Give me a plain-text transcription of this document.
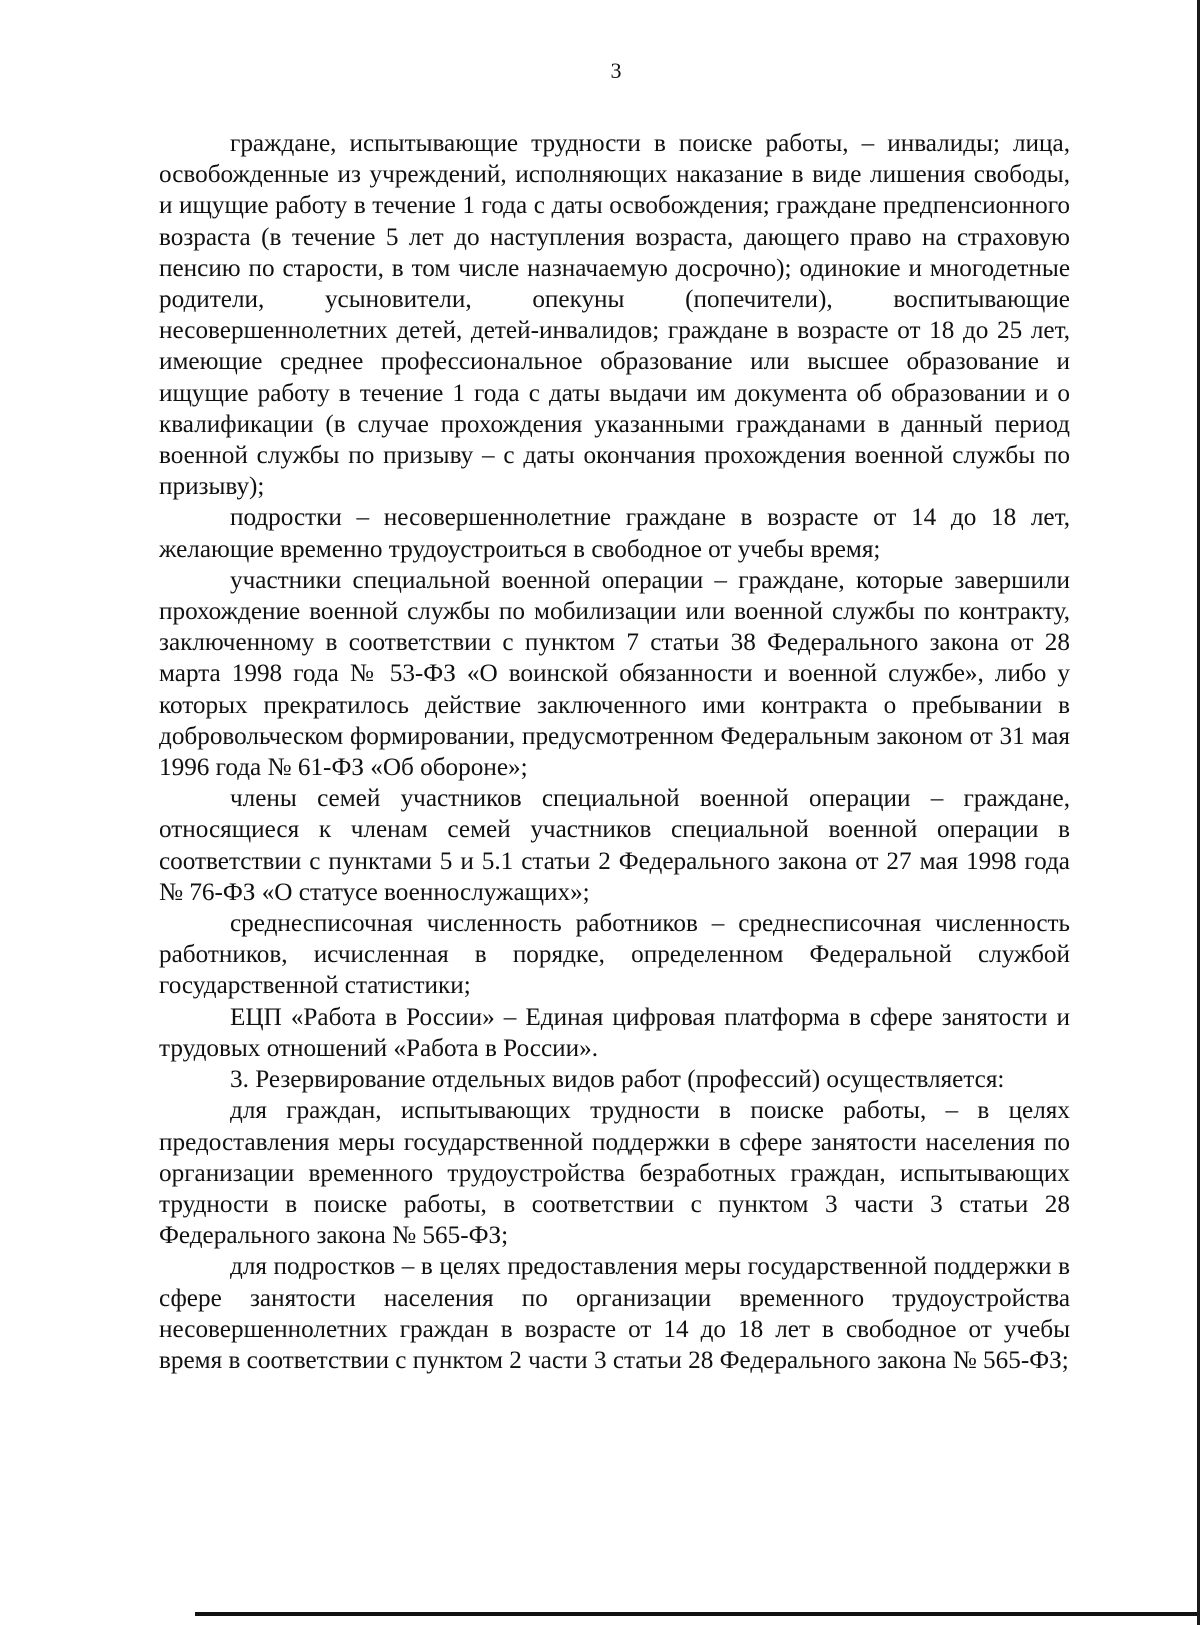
3

граждане, испытывающие трудности в поиске работы, – инвалиды; лица, освобожденные из учреждений, исполняющих наказание в виде лишения свободы, и ищущие работу в течение 1 года с даты освобождения; граждане предпенсионного возраста (в течение 5 лет до наступления возраста, дающего право на страховую пенсию по старости, в том числе назначаемую досрочно); одинокие и многодетные родители, усыновители, опекуны (попечители), воспитывающие несовершеннолетних детей, детей-инвалидов; граждане в возрасте от 18 до 25 лет, имеющие среднее профессиональное образование или высшее образование и ищущие работу в течение 1 года с даты выдачи им документа об образовании и о квалификации (в случае прохождения указанными гражданами в данный период военной службы по призыву – с даты окончания прохождения военной службы по призыву);

подростки – несовершеннолетние граждане в возрасте от 14 до 18 лет, желающие временно трудоустроиться в свободное от учебы время;

участники специальной военной операции – граждане, которые завершили прохождение военной службы по мобилизации или военной службы по контракту, заключенному в соответствии с пунктом 7 статьи 38 Федерального закона от 28 марта 1998 года № 53-ФЗ «О воинской обязанности и военной службе», либо у которых прекратилось действие заключенного ими контракта о пребывании в добровольческом формировании, предусмотренном Федеральным законом от 31 мая 1996 года № 61-ФЗ «Об обороне»;

члены семей участников специальной военной операции – граждане, относящиеся к членам семей участников специальной военной операции в соответствии с пунктами 5 и 5.1 статьи 2 Федерального закона от 27 мая 1998 года № 76-ФЗ «О статусе военнослужащих»;

среднесписочная численность работников – среднесписочная численность работников, исчисленная в порядке, определенном Федеральной службой государственной статистики;

ЕЦП «Работа в России» – Единая цифровая платформа в сфере занятости и трудовых отношений «Работа в России».

3. Резервирование отдельных видов работ (профессий) осуществляется:

для граждан, испытывающих трудности в поиске работы, – в целях предоставления меры государственной поддержки в сфере занятости населения по организации временного трудоустройства безработных граждан, испытывающих трудности в поиске работы, в соответствии с пунктом 3 части 3 статьи 28 Федерального закона № 565-ФЗ;

для подростков – в целях предоставления меры государственной поддержки в сфере занятости населения по организации временного трудоустройства несовершеннолетних граждан в возрасте от 14 до 18 лет в свободное от учебы время в соответствии с пунктом 2 части 3 статьи 28 Федерального закона № 565-ФЗ;
